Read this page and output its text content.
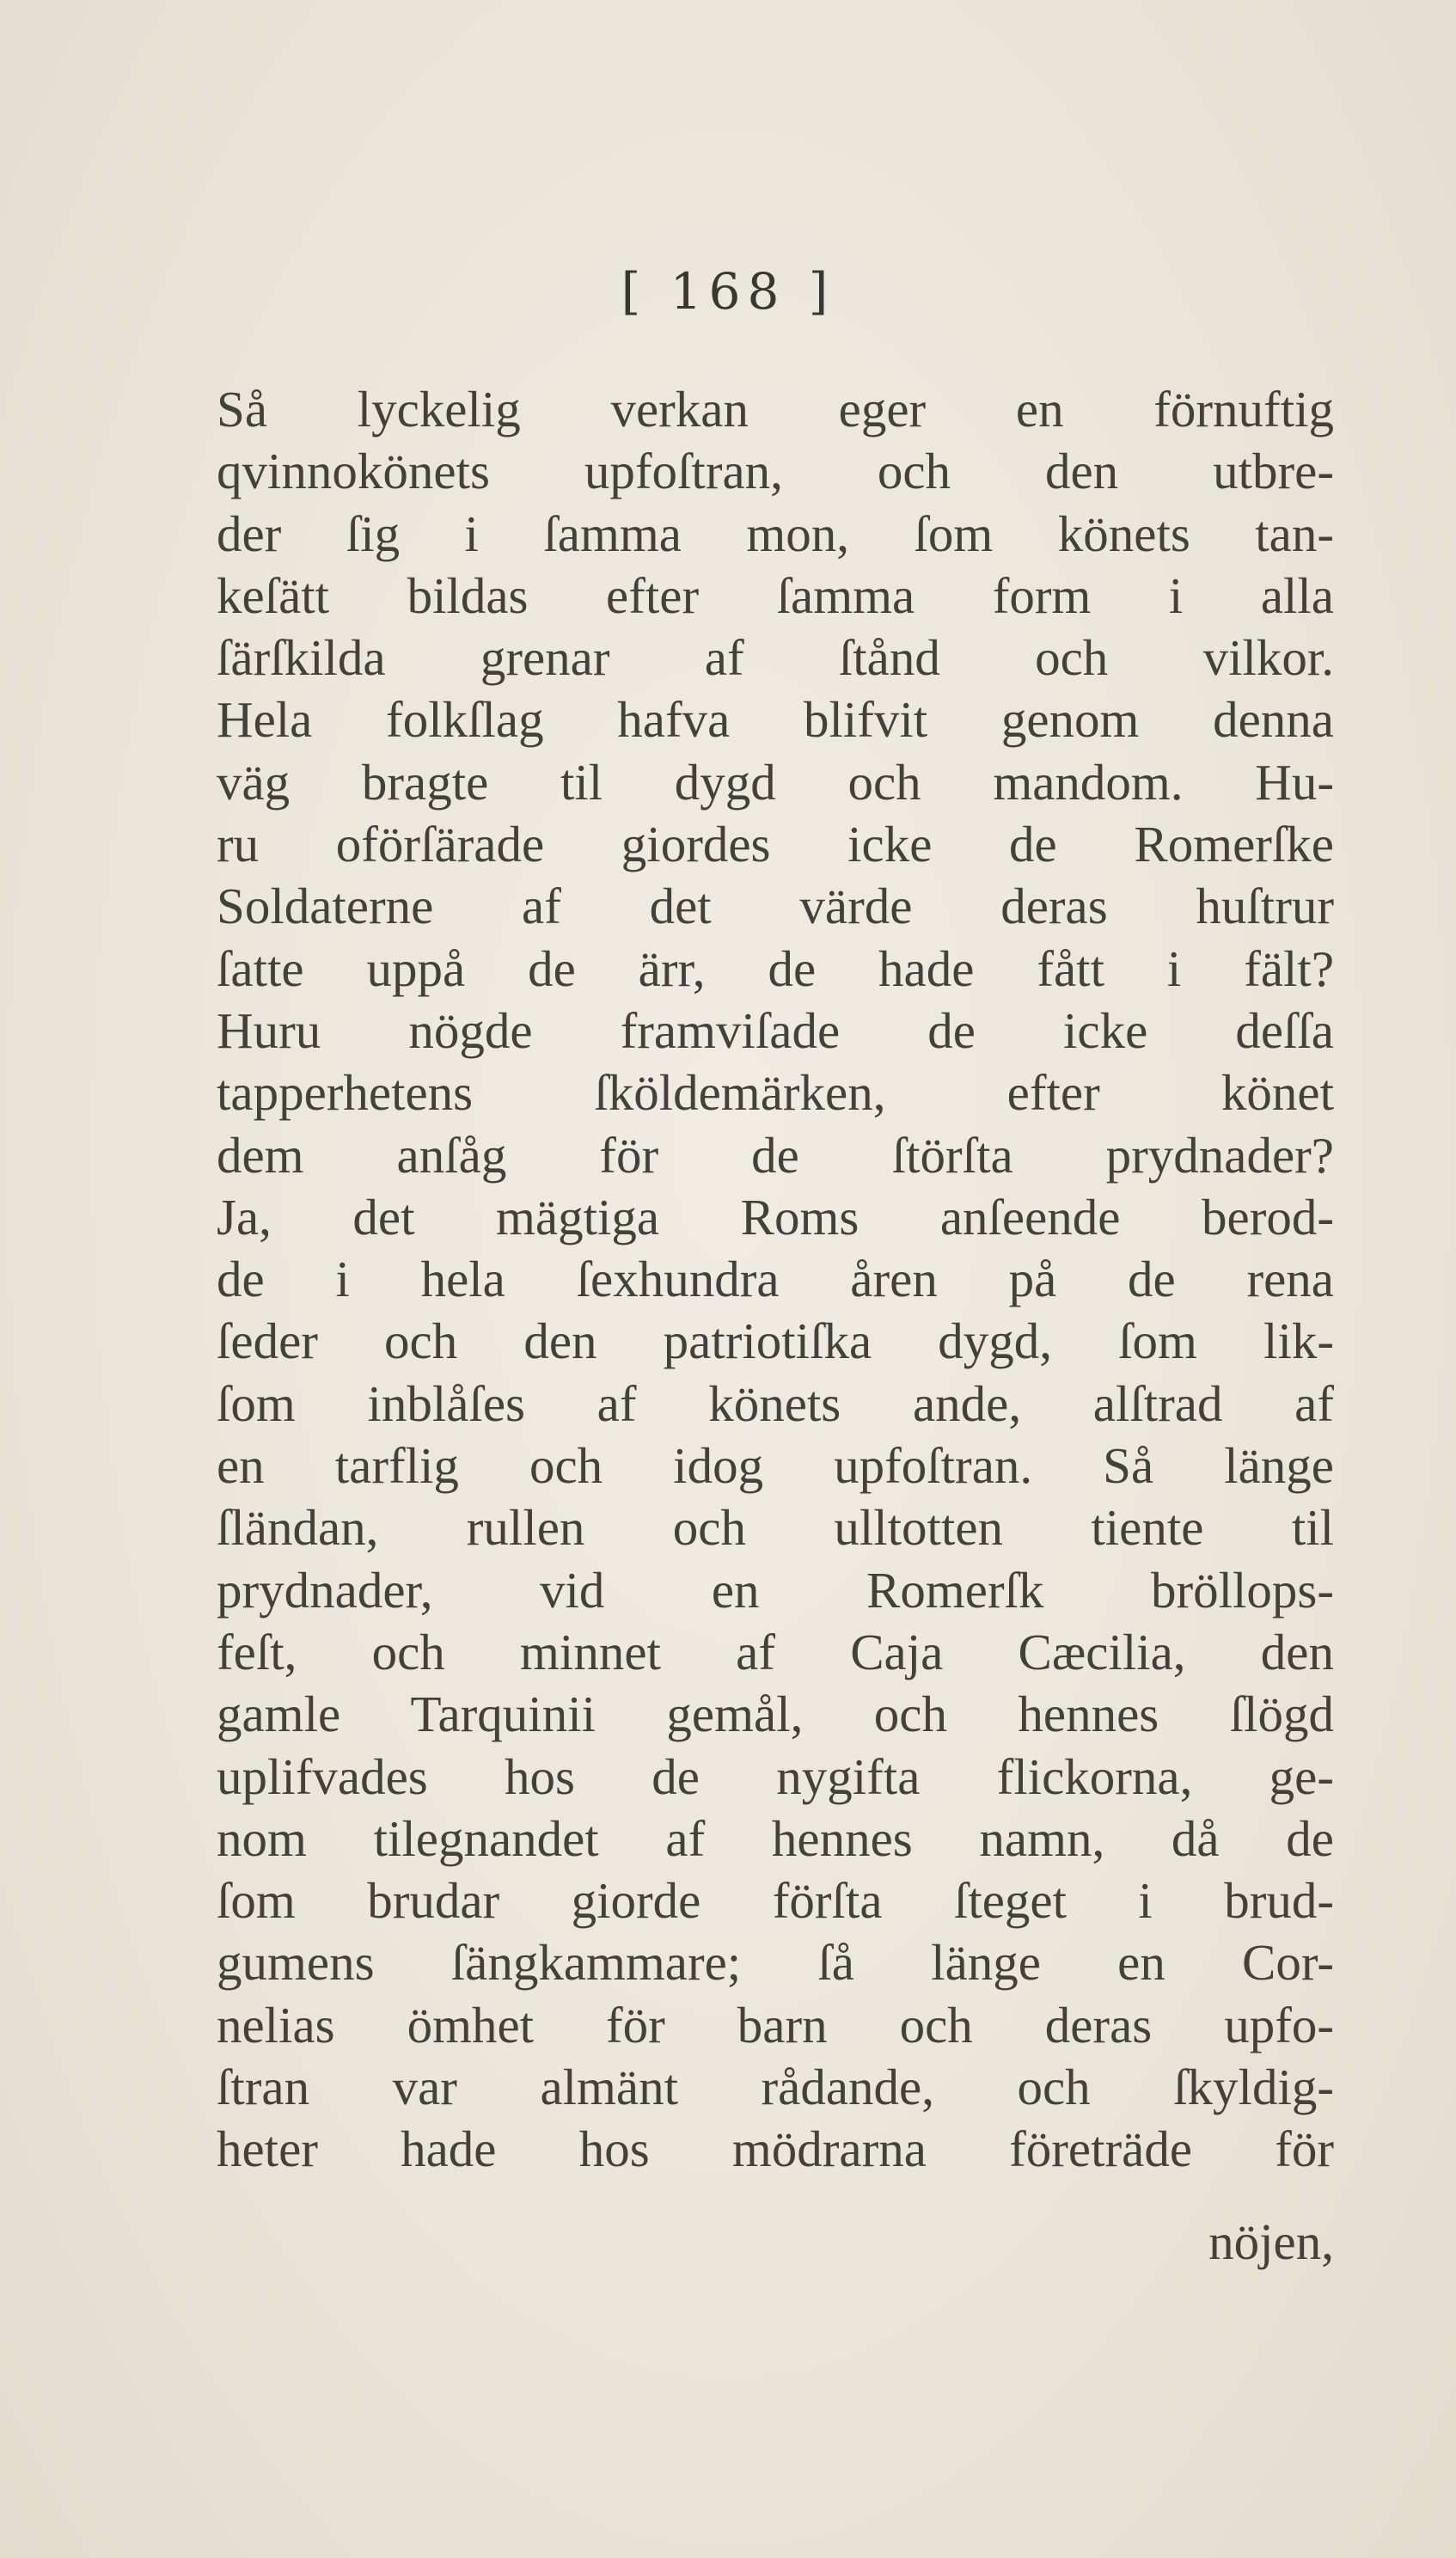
[ 168 ]
Så lyckelig verkan eger en förnuftig
qvinnokönets upfoſtran, och den utbre-
der ſig i ſamma mon, ſom könets tan-
keſätt bildas efter ſamma form i alla
ſärſkilda grenar af ſtånd och vilkor.
Hela folkſlag hafva blifvit genom denna
väg bragte til dygd och mandom. Hu-
ru oförſärade giordes icke de Romerſke
Soldaterne af det värde deras huſtrur
ſatte uppå de ärr, de hade fått i fält?
Huru nögde framviſade de icke deſſa
tapperhetens ſköldemärken, efter könet
dem anſåg för de ſtörſta prydnader?
Ja, det mägtiga Roms anſeende berod-
de i hela ſexhundra åren på de rena
ſeder och den patriotiſka dygd, ſom lik-
ſom inblåſes af könets ande, alſtrad af
en tarflig och idog upfoſtran. Så länge
ſländan, rullen och ulltotten tiente til
prydnader, vid en Romerſk bröllops-
feſt, och minnet af Caja Cæcilia, den
gamle Tarquinii gemål, och hennes ſlögd
uplifvades hos de nygifta flickorna, ge-
nom tilegnandet af hennes namn, då de
ſom brudar giorde förſta ſteget i brud-
gumens ſängkammare; ſå länge en Cor-
nelias ömhet för barn och deras upfo-
ſtran var almänt rådande, och ſkyldig-
heter hade hos mödrarna företräde för
nöjen,
